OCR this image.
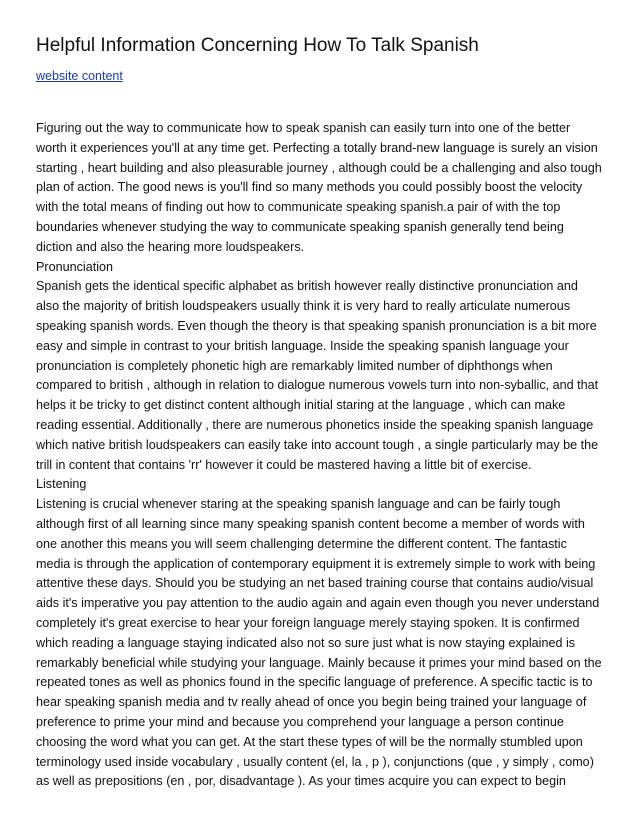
Helpful Information Concerning How To Talk Spanish
website content
Figuring out the way to communicate how to speak spanish can easily turn into one of the better
worth it experiences you'll at any time get. Perfecting a totally brand-new language is surely an vision
starting , heart building and also pleasurable journey , although could be a challenging and also tough
plan of action. The good news is you'll find so many methods you could possibly boost the velocity
with the total means of finding out how to communicate speaking spanish.a pair of with the top
boundaries whenever studying the way to communicate speaking spanish generally tend being
diction and also the hearing more loudspeakers.
Pronunciation
Spanish gets the identical specific alphabet as british however really distinctive pronunciation and
also the majority of british loudspeakers usually think it is very hard to really articulate numerous
speaking spanish words. Even though the theory is that speaking spanish pronunciation is a bit more
easy and simple in contrast to your british language. Inside the speaking spanish language your
pronunciation is completely phonetic high are remarkably limited number of diphthongs when
compared to british , although in relation to dialogue numerous vowels turn into non-syballic, and that
helps it be tricky to get distinct content although initial staring at the language , which can make
reading essential. Additionally , there are numerous phonetics inside the speaking spanish language
which native british loudspeakers can easily take into account tough , a single particularly may be the
trill in content that contains 'rr' however it could be mastered having a little bit of exercise.
Listening
Listening is crucial whenever staring at the speaking spanish language and can be fairly tough
although first of all learning since many speaking spanish content become a member of words with
one another this means you will seem challenging determine the different content. The fantastic
media is through the application of contemporary equipment it is extremely simple to work with being
attentive these days. Should you be studying an net based training course that contains audio/visual
aids it's imperative you pay attention to the audio again and again even though you never understand
completely it's great exercise to hear your foreign language merely staying spoken. It is confirmed
which reading a language staying indicated also not so sure just what is now staying explained is
remarkably beneficial while studying your language. Mainly because it primes your mind based on the
repeated tones as well as phonics found in the specific language of preference. A specific tactic is to
hear speaking spanish media and tv really ahead of once you begin being trained your language of
preference to prime your mind and because you comprehend your language a person continue
choosing the word what you can get. At the start these types of will be the normally stumbled upon
terminology used inside vocabulary , usually content (el, la , p ), conjunctions (que , y simply , como)
as well as prepositions (en , por, disadvantage ). As your times acquire you can expect to begin
